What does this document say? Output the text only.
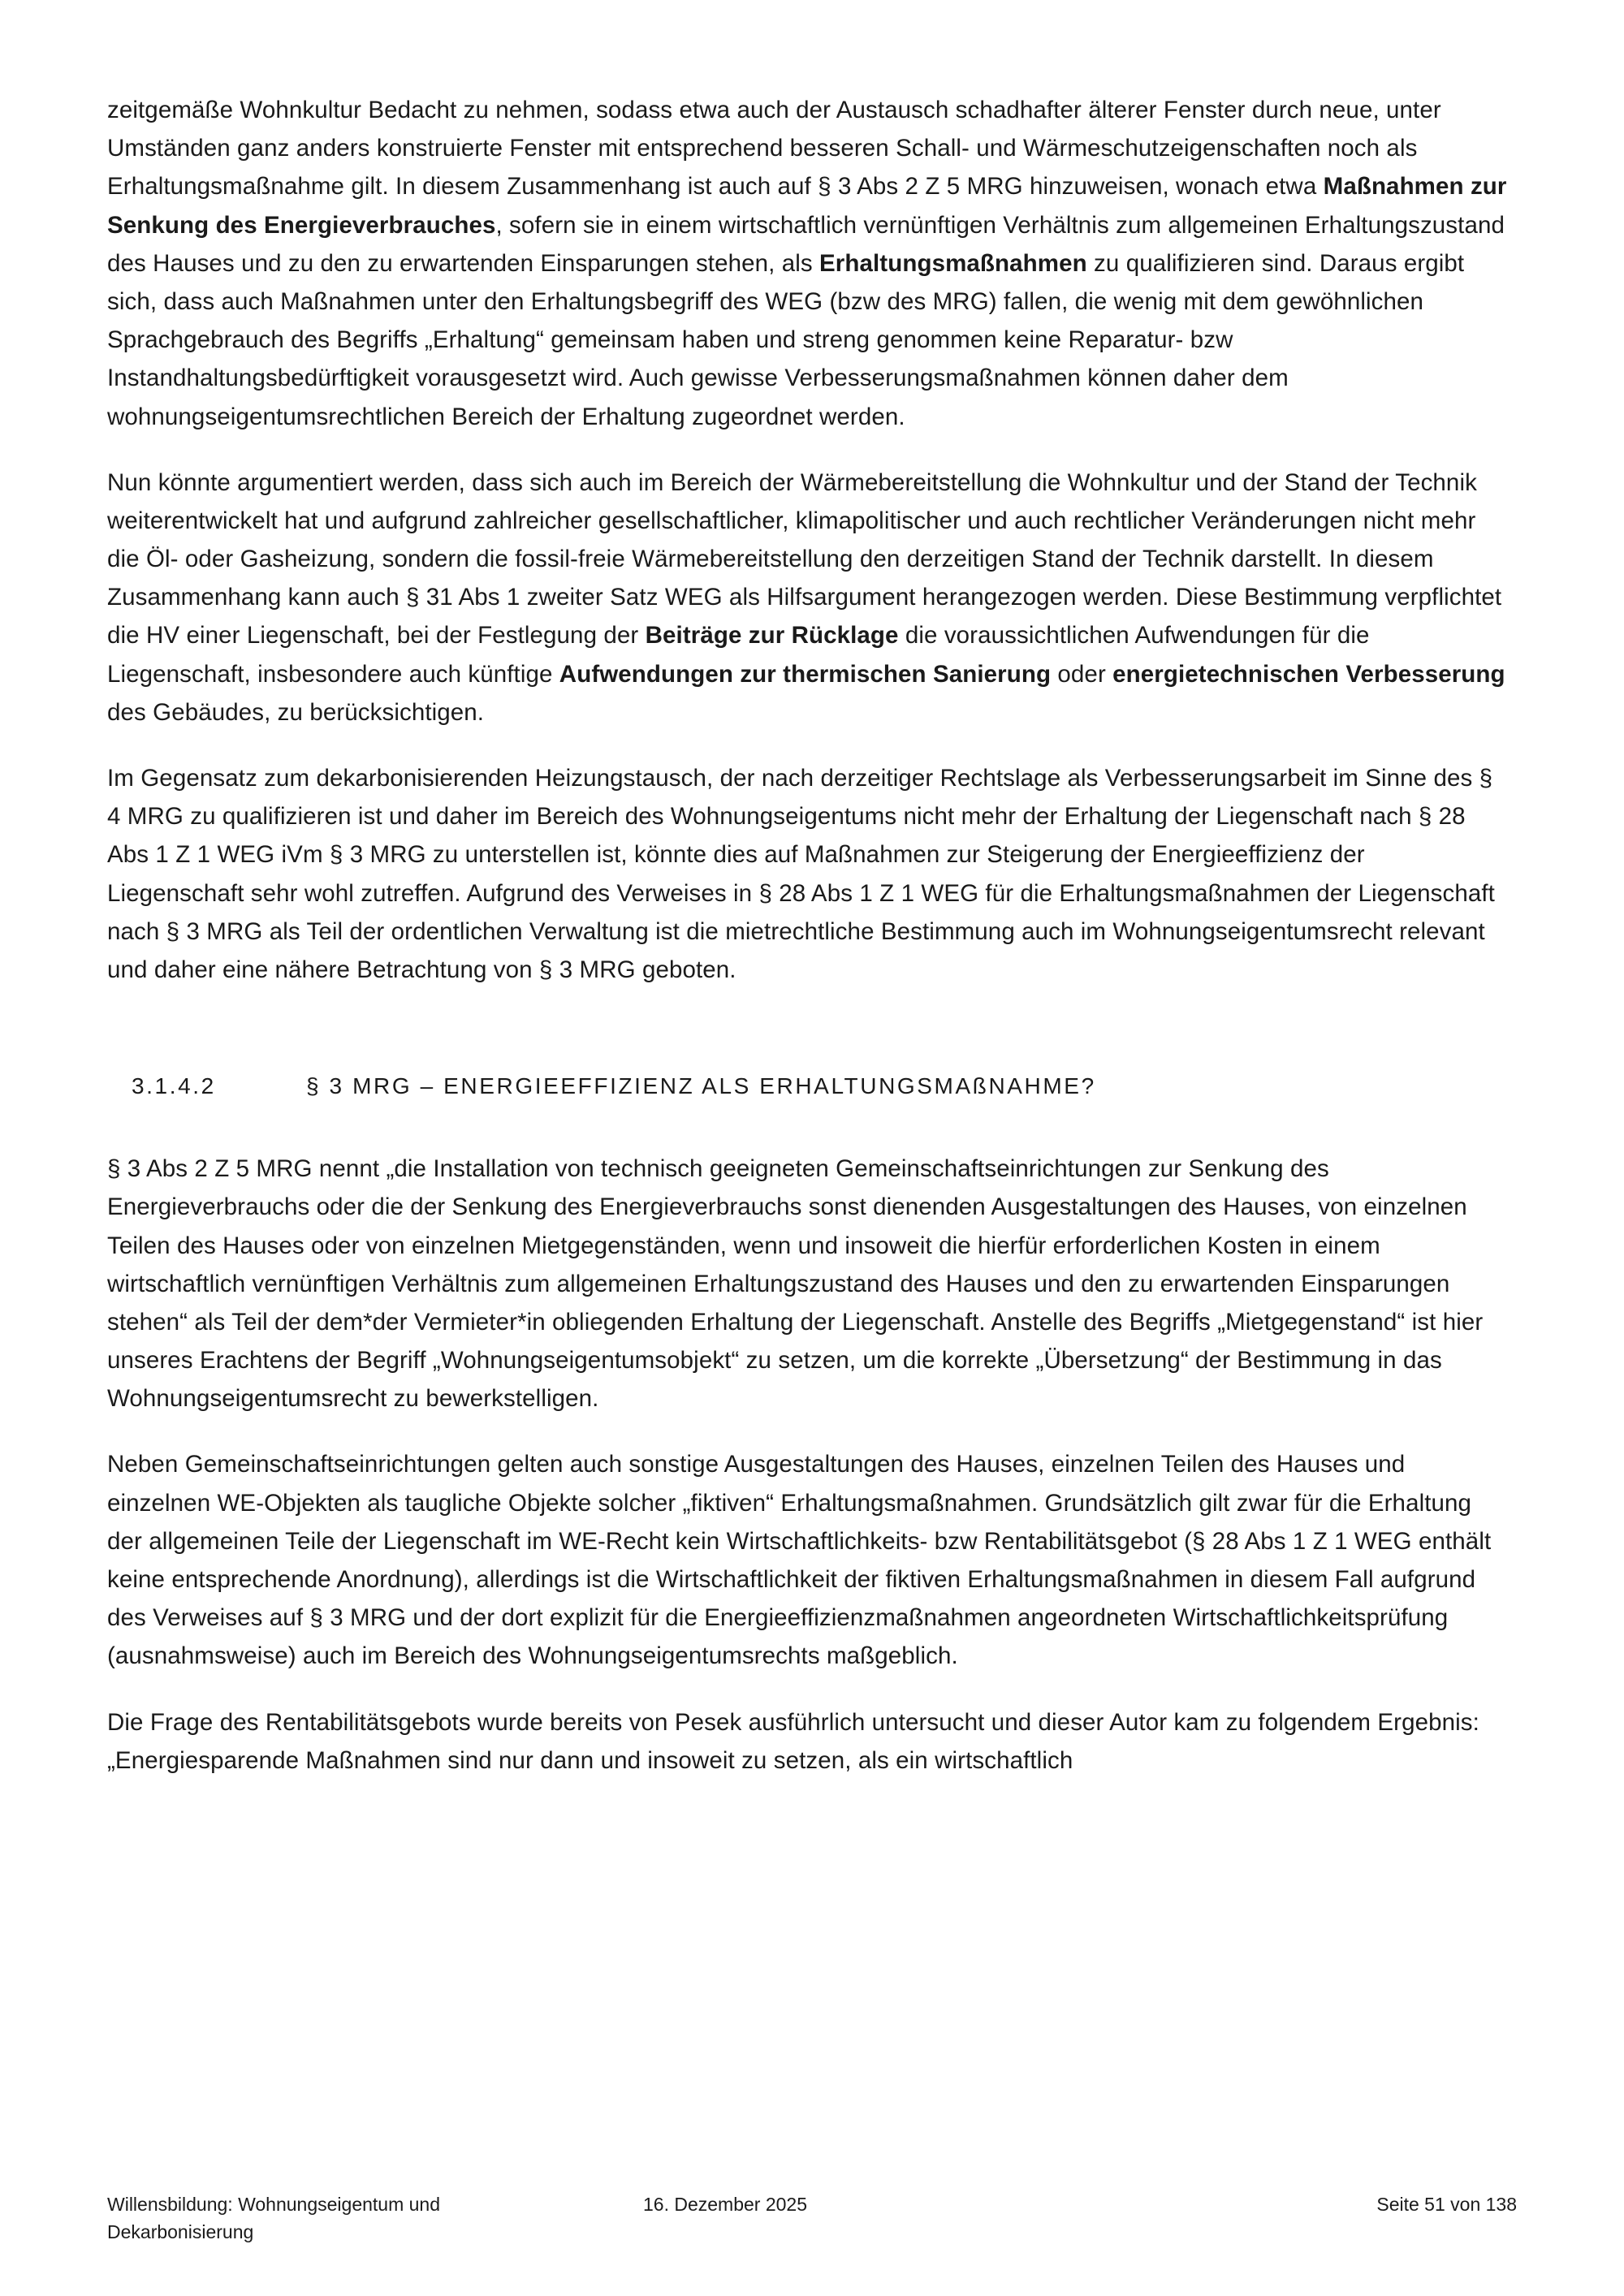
zeitgemäße Wohnkultur Bedacht zu nehmen, sodass etwa auch der Austausch schadhafter älterer Fenster durch neue, unter Umständen ganz anders konstruierte Fenster mit entsprechend besseren Schall- und Wärmeschutzeigenschaften noch als Erhaltungsmaßnahme gilt. In diesem Zusammenhang ist auch auf § 3 Abs 2 Z 5 MRG hinzuweisen, wonach etwa Maßnahmen zur Senkung des Energieverbrauches, sofern sie in einem wirtschaftlich vernünftigen Verhältnis zum allgemeinen Erhaltungszustand des Hauses und zu den zu erwartenden Einsparungen stehen, als Erhaltungsmaßnahmen zu qualifizieren sind. Daraus ergibt sich, dass auch Maßnahmen unter den Erhaltungsbegriff des WEG (bzw des MRG) fallen, die wenig mit dem gewöhnlichen Sprachgebrauch des Begriffs „Erhaltung“ gemeinsam haben und streng genommen keine Reparatur- bzw Instandhaltungsbedürftigkeit vorausgesetzt wird. Auch gewisse Verbesserungsmaßnahmen können daher dem wohnungseigentumsrechtlichen Bereich der Erhaltung zugeordnet werden.

Nun könnte argumentiert werden, dass sich auch im Bereich der Wärmebereitstellung die Wohnkultur und der Stand der Technik weiterentwickelt hat und aufgrund zahlreicher gesellschaftlicher, klimapolitischer und auch rechtlicher Veränderungen nicht mehr die Öl- oder Gasheizung, sondern die fossil-freie Wärmebereitstellung den derzeitigen Stand der Technik darstellt. In diesem Zusammenhang kann auch § 31 Abs 1 zweiter Satz WEG als Hilfsargument herangezogen werden. Diese Bestimmung verpflichtet die HV einer Liegenschaft, bei der Festlegung der Beiträge zur Rücklage die voraussichtlichen Aufwendungen für die Liegenschaft, insbesondere auch künftige Aufwendungen zur thermischen Sanierung oder energietechnischen Verbesserung des Gebäudes, zu berücksichtigen.

Im Gegensatz zum dekarbonisierenden Heizungstausch, der nach derzeitiger Rechtslage als Verbesserungsarbeit im Sinne des § 4 MRG zu qualifizieren ist und daher im Bereich des Wohnungseigentums nicht mehr der Erhaltung der Liegenschaft nach § 28 Abs 1 Z 1 WEG iVm § 3 MRG zu unterstellen ist, könnte dies auf Maßnahmen zur Steigerung der Energieeffizienz der Liegenschaft sehr wohl zutreffen. Aufgrund des Verweises in § 28 Abs 1 Z 1 WEG für die Erhaltungsmaßnahmen der Liegenschaft nach § 3 MRG als Teil der ordentlichen Verwaltung ist die mietrechtliche Bestimmung auch im Wohnungseigentumsrecht relevant und daher eine nähere Betrachtung von § 3 MRG geboten.

3.1.4.2	§ 3 MRG – ENERGIEEFFIZIENZ ALS ERHALTUNGSMAßNAHME?

§ 3 Abs 2 Z 5 MRG nennt „die Installation von technisch geeigneten Gemeinschaftseinrichtungen zur Senkung des Energieverbrauchs oder die der Senkung des Energieverbrauchs sonst dienenden Ausgestaltungen des Hauses, von einzelnen Teilen des Hauses oder von einzelnen Mietgegenständen, wenn und insoweit die hierfür erforderlichen Kosten in einem wirtschaftlich vernünftigen Verhältnis zum allgemeinen Erhaltungszustand des Hauses und den zu erwartenden Einsparungen stehen“ als Teil der dem*der Vermieter*in obliegenden Erhaltung der Liegenschaft. Anstelle des Begriffs „Mietgegenstand“ ist hier unseres Erachtens der Begriff „Wohnungseigentumsobjekt“ zu setzen, um die korrekte „Übersetzung“ der Bestimmung in das Wohnungseigentumsrecht zu bewerkstelligen.

Neben Gemeinschaftseinrichtungen gelten auch sonstige Ausgestaltungen des Hauses, einzelnen Teilen des Hauses und einzelnen WE-Objekten als taugliche Objekte solcher „fiktiven“ Erhaltungsmaßnahmen. Grundsätzlich gilt zwar für die Erhaltung der allgemeinen Teile der Liegenschaft im WE-Recht kein Wirtschaftlichkeits- bzw Rentabilitätsgebot (§ 28 Abs 1 Z 1 WEG enthält keine entsprechende Anordnung), allerdings ist die Wirtschaftlichkeit der fiktiven Erhaltungsmaßnahmen in diesem Fall aufgrund des Verweises auf § 3 MRG und der dort explizit für die Energieeffizienzmaßnahmen angeordneten Wirtschaftlichkeitsprüfung (ausnahmsweise) auch im Bereich des Wohnungseigentumsrechts maßgeblich.

Die Frage des Rentabilitätsgebots wurde bereits von Pesek ausführlich untersucht und dieser Autor kam zu folgendem Ergebnis: „Energiesparende Maßnahmen sind nur dann und insoweit zu setzen, als ein wirtschaftlich

Willensbildung: Wohnungseigentum und
Dekarbonisierung
16. Dezember 2025	Seite 51 von 138
